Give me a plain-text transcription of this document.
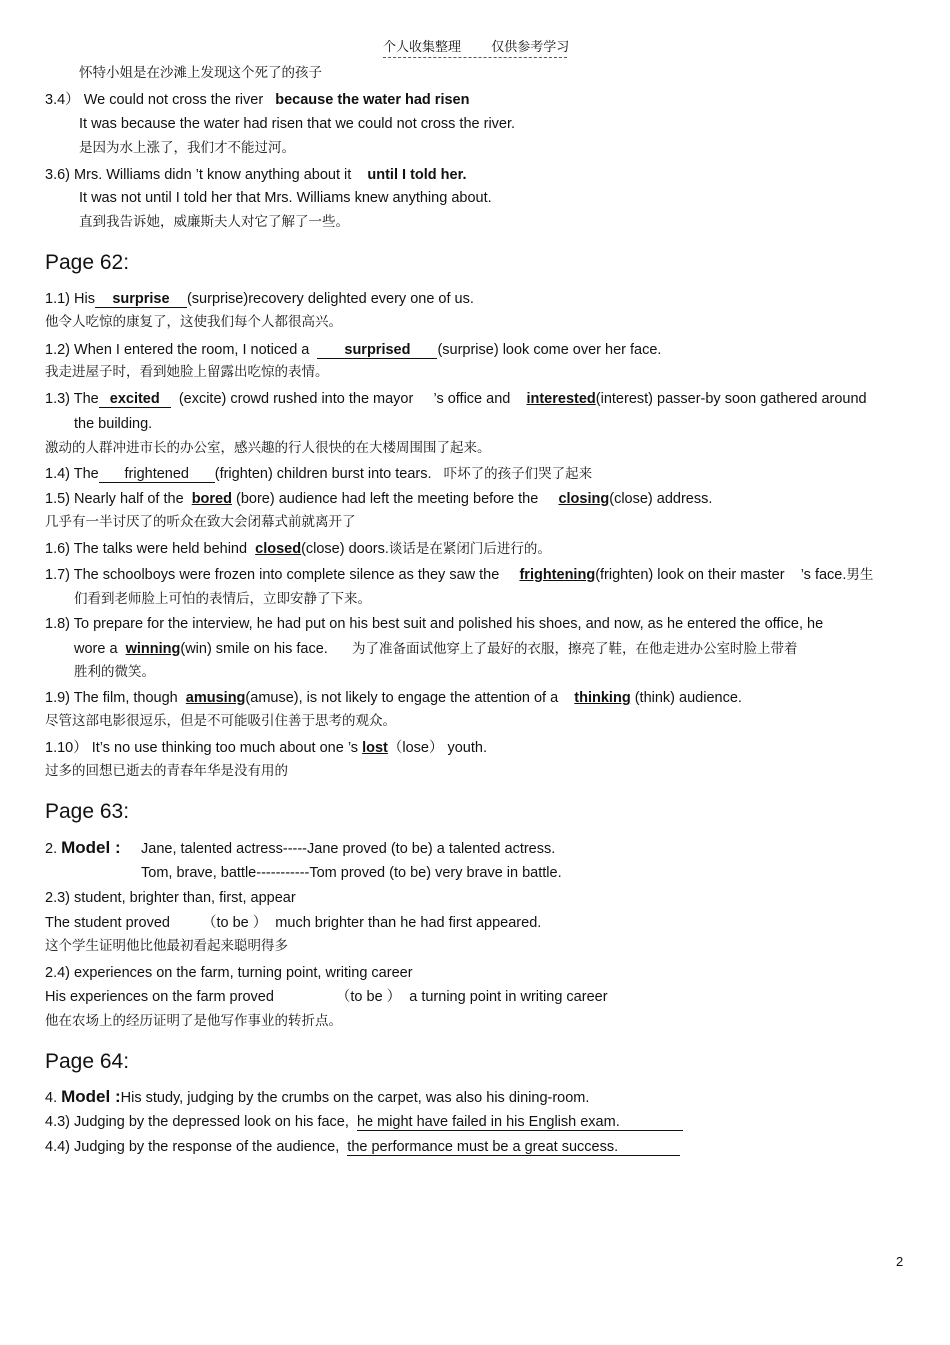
个人收集整理 仅供参考学习
怀特小姐是在沙滩上发现这个死了的孩子
3.4） We could not cross the river because the water had risen
It was because the water had risen that we could not cross the river.
是因为水上涨了，我们才不能过河。
3.6) Mrs. Williams didn ’t know anything about it until I told her.
It was not until I told her that Mrs. Williams knew anything about.
直到我告诉她，威廉斯夫人对它了解了一些。
Page 62:
1.1) His surprise (surprise)recovery delighted every one of us.
他令人吃惊的康复了，这使我们每个人都很高兴。
1.2) When I entered the room, I noticed a surprised (surprise) look come over her face.
我走进屋子时，看到她脸上留露出吃惊的表情。
1.3) The excited (excite) crowd rushed into the mayor ’s office and interested(interest) passer-by soon gathered around
the building.
激动的人群冲进市长的办公室，感兴趣的行人很快的在大楼周围围了起来。
1.4) The frightened (frighten) children burst into tears. 吓坏了的孩子们哭了起来
1.5) Nearly half of the bored (bore) audience had left the meeting before the closing(close) address.
几乎有一半讨厌了的听众在致大会闭幕式前就离开了
1.6) The talks were held behind closed(close) doors.谈话是在紧闭门后进行的。
1.7) The schoolboys were frozen into complete silence as they saw the frightening(frighten) look on their master ’s face.男生
们看到老师脸上可怕的表情后，立即安静了下来。
1.8) To prepare for the interview, he had put on his best suit and polished his shoes, and now, as he entered the office, he
wore a winning(win) smile on his face. 为了准备面试他穿上了最好的衣服，擦亮了鞋，在他走进办公室时脸上带着
胜利的微笑。
1.9) The film, though amusing(amuse), is not likely to engage the attention of a thinking (think) audience.
尽管这部电影很逗乐，但是不可能吸引住善于思考的观众。
1.10） It’s no use thinking too much about one ’s lost（lose） youth.
过多的回想已逝去的青春年华是没有用的
Page 63:
2. Model : Jane, talented actress-----Jane proved (to be) a talented actress.
Tom, brave, battle-----------Tom proved (to be) very brave in battle.
2.3) student, brighter than, first, appear
The student proved （to be ） much brighter than he had first appeared.
这个学生证明他比他最初看起来聪明得多
2.4) experiences on the farm, turning point, writing career
His experiences on the farm proved	（to be ） a turning point in writing career
他在农场上的经历证明了是他写作事业的转折点。
Page 64:
4. Model :His study, judging by the crumbs on the carpet, was also his dining-room.
4.3) Judging by the depressed look on his face, he might have failed in his English exam.
4.4) Judging by the response of the audience, the performance must be a great success.
2
